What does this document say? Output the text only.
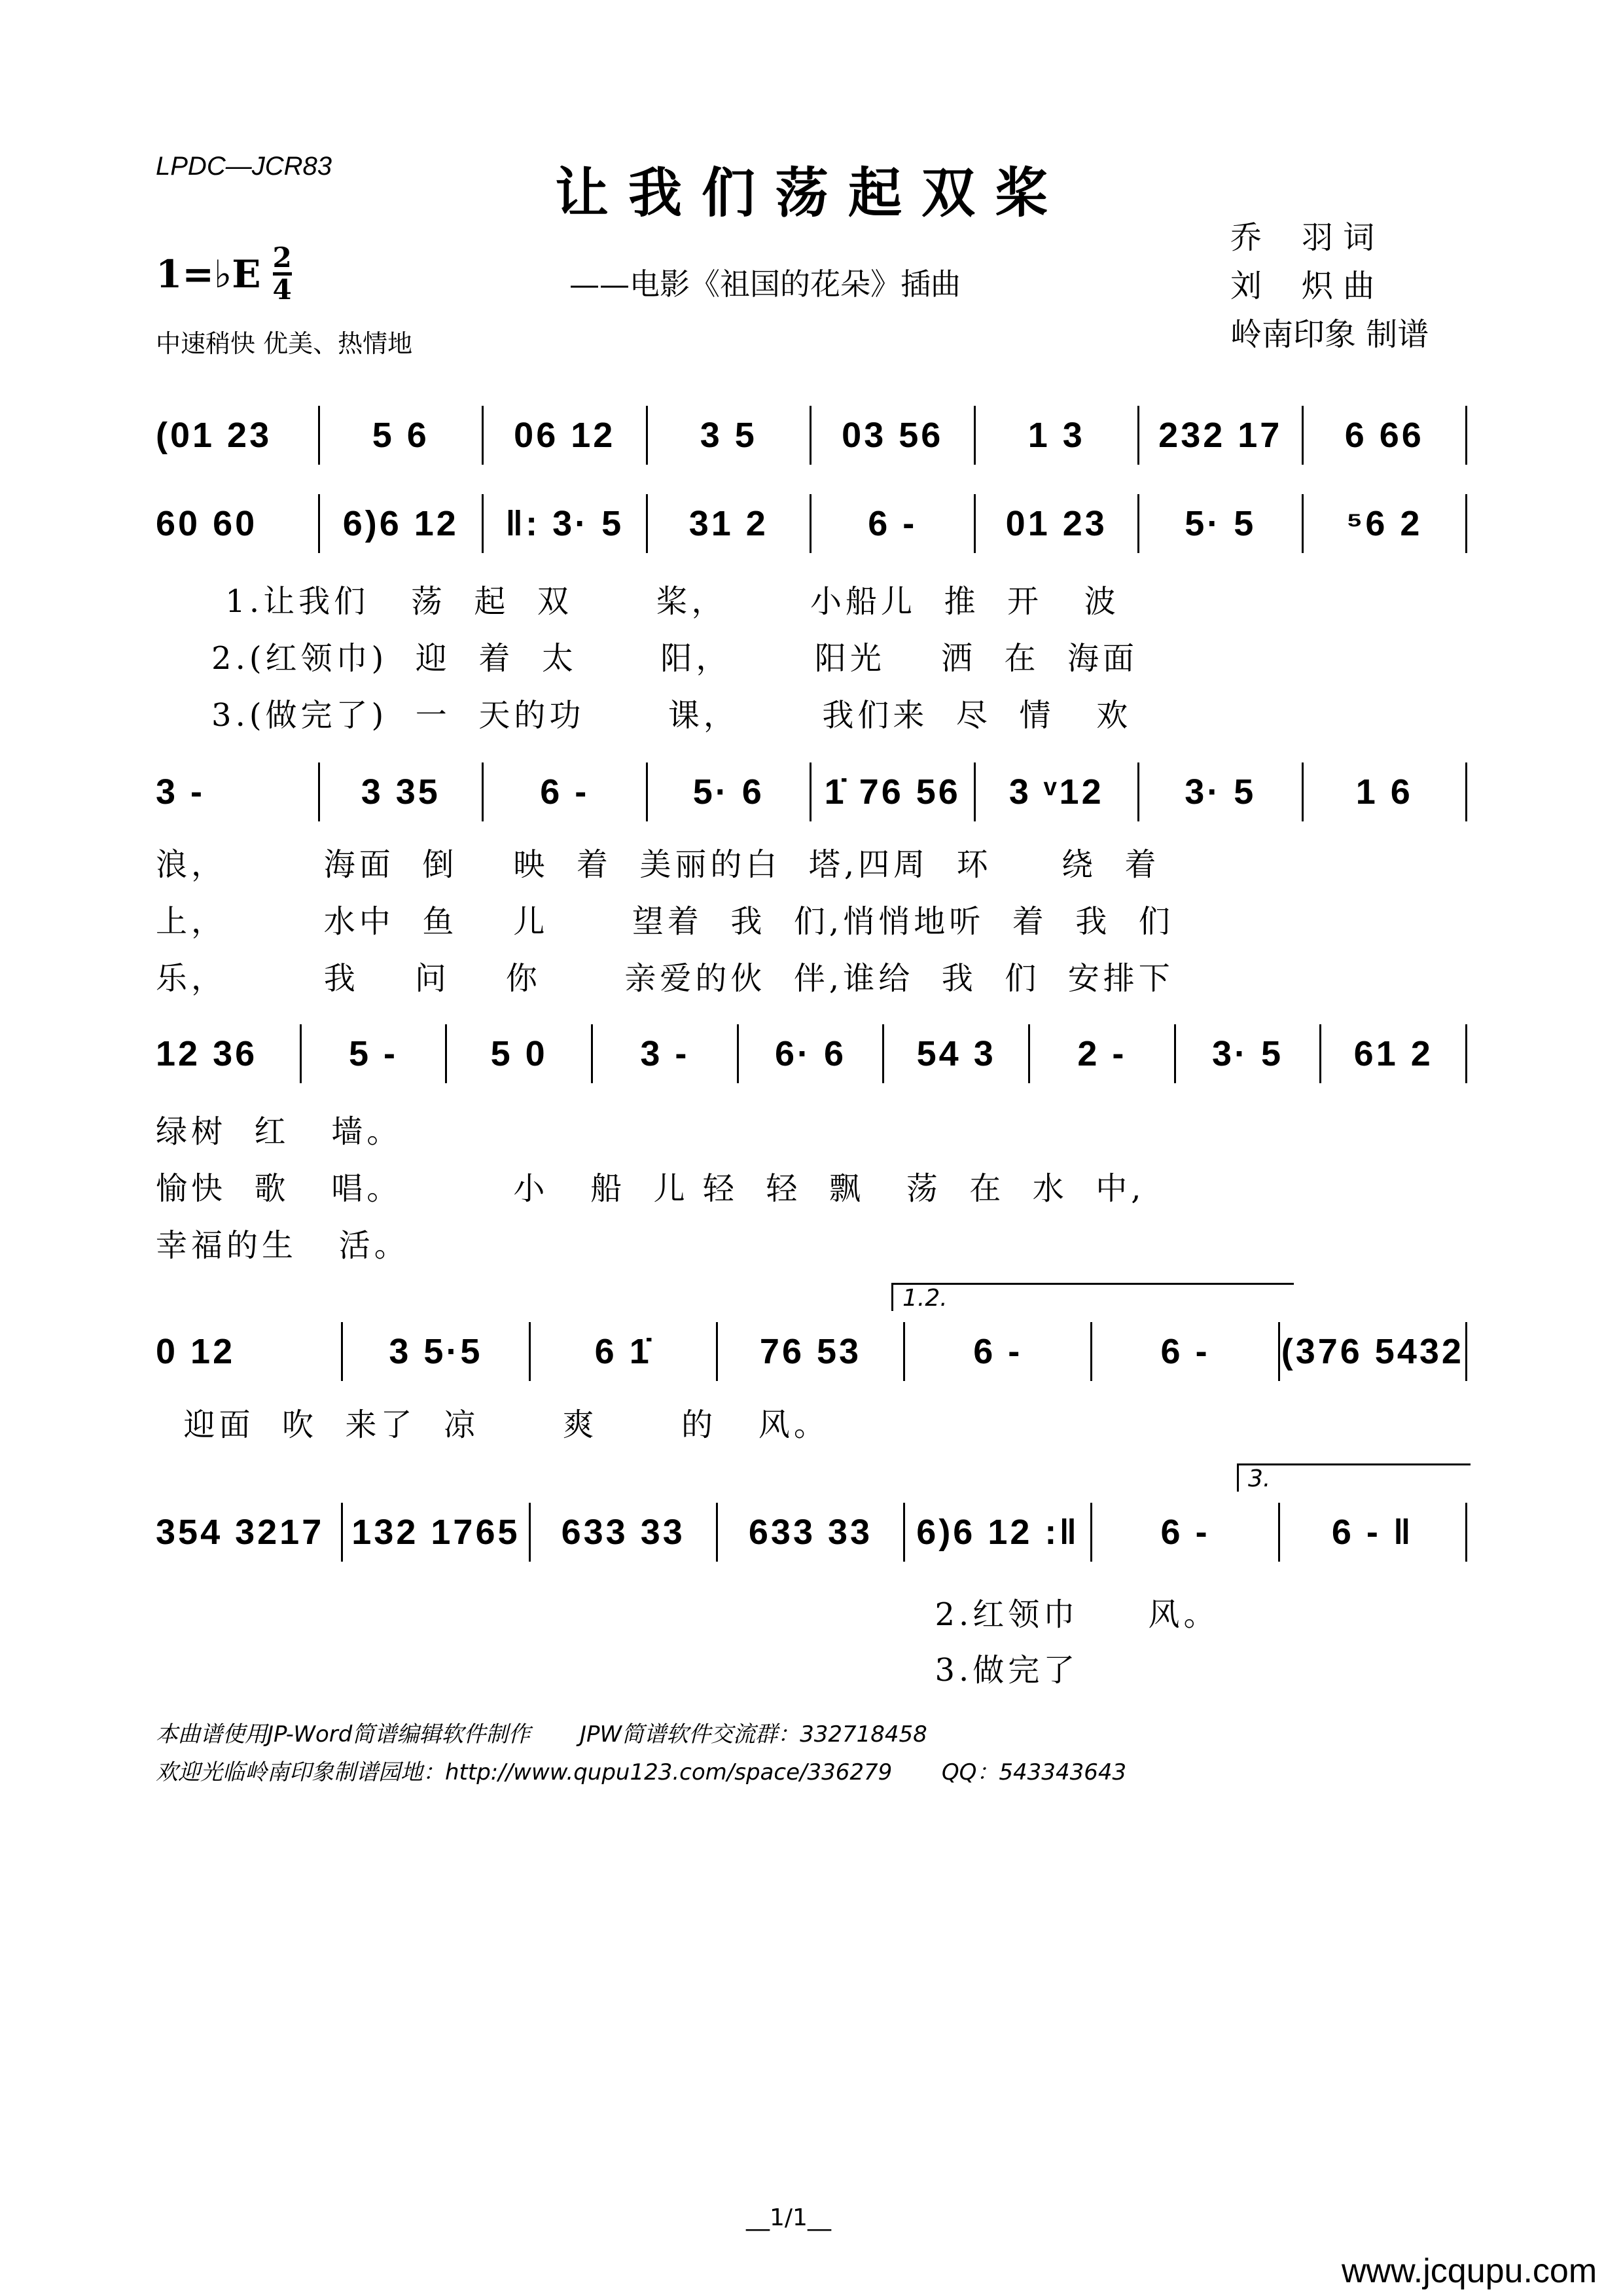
LPDC—JCR83	让我们荡起双桨
1=♭E $\frac{2}{4}$	——电影《祖国的花朵》插曲
中速稍快 优美、热情地
乔    羽 词
刘    炽 曲
岭南印象 制谱
(01 23	5 6	06 12	3 5	03 56	1 3	232 17	6 66
60 60	6)6 12	‖: 3· 5	31 2	6 -	01 23	5· 5	⁵6 2
1.让我们   荡  起  双      桨，      小船儿  推  开   波
2.(红领巾)  迎  着  太      阳，      阳光    洒  在  海面
3.(做完了)  一  天的功      课，      我们来  尽  情   欢
3 -	3 35	6 -	5· 6	1̇ 76 56	3 ᵛ12	3· 5	1 6
浪，       海面  倒    映  着  美丽的白  塔,四周  环     绕  着
上，       水中  鱼    儿      望着  我  们,悄悄地听  着  我  们
乐，       我    问    你      亲爱的伙  伴,谁给  我  们  安排下
12 36	5 -	5 0	3 -	6· 6	54 3	2 -	3· 5	61 2
绿树  红   墙。
愉快  歌   唱。        小   船  儿 轻  轻  飘   荡  在  水  中,
幸福的生   活。
0 12	3 5·5	6 1̇	76 53	6 -	6 -	(376 5432
1.2.
迎面  吹  来了  凉      爽      的   风。
354 3217 132 1765	633 33	633 33	6)6 12 :‖	6 -	6 - ‖
3.
2.红领巾     风。
3.做完了
本曲谱使用JP-Word简谱编辑软件制作       JPW简谱软件交流群：332718458
欢迎光临岭南印象制谱园地：http://www.qupu123.com/space/336279       QQ：543343643
__1/1__
www.jcqupu.com
